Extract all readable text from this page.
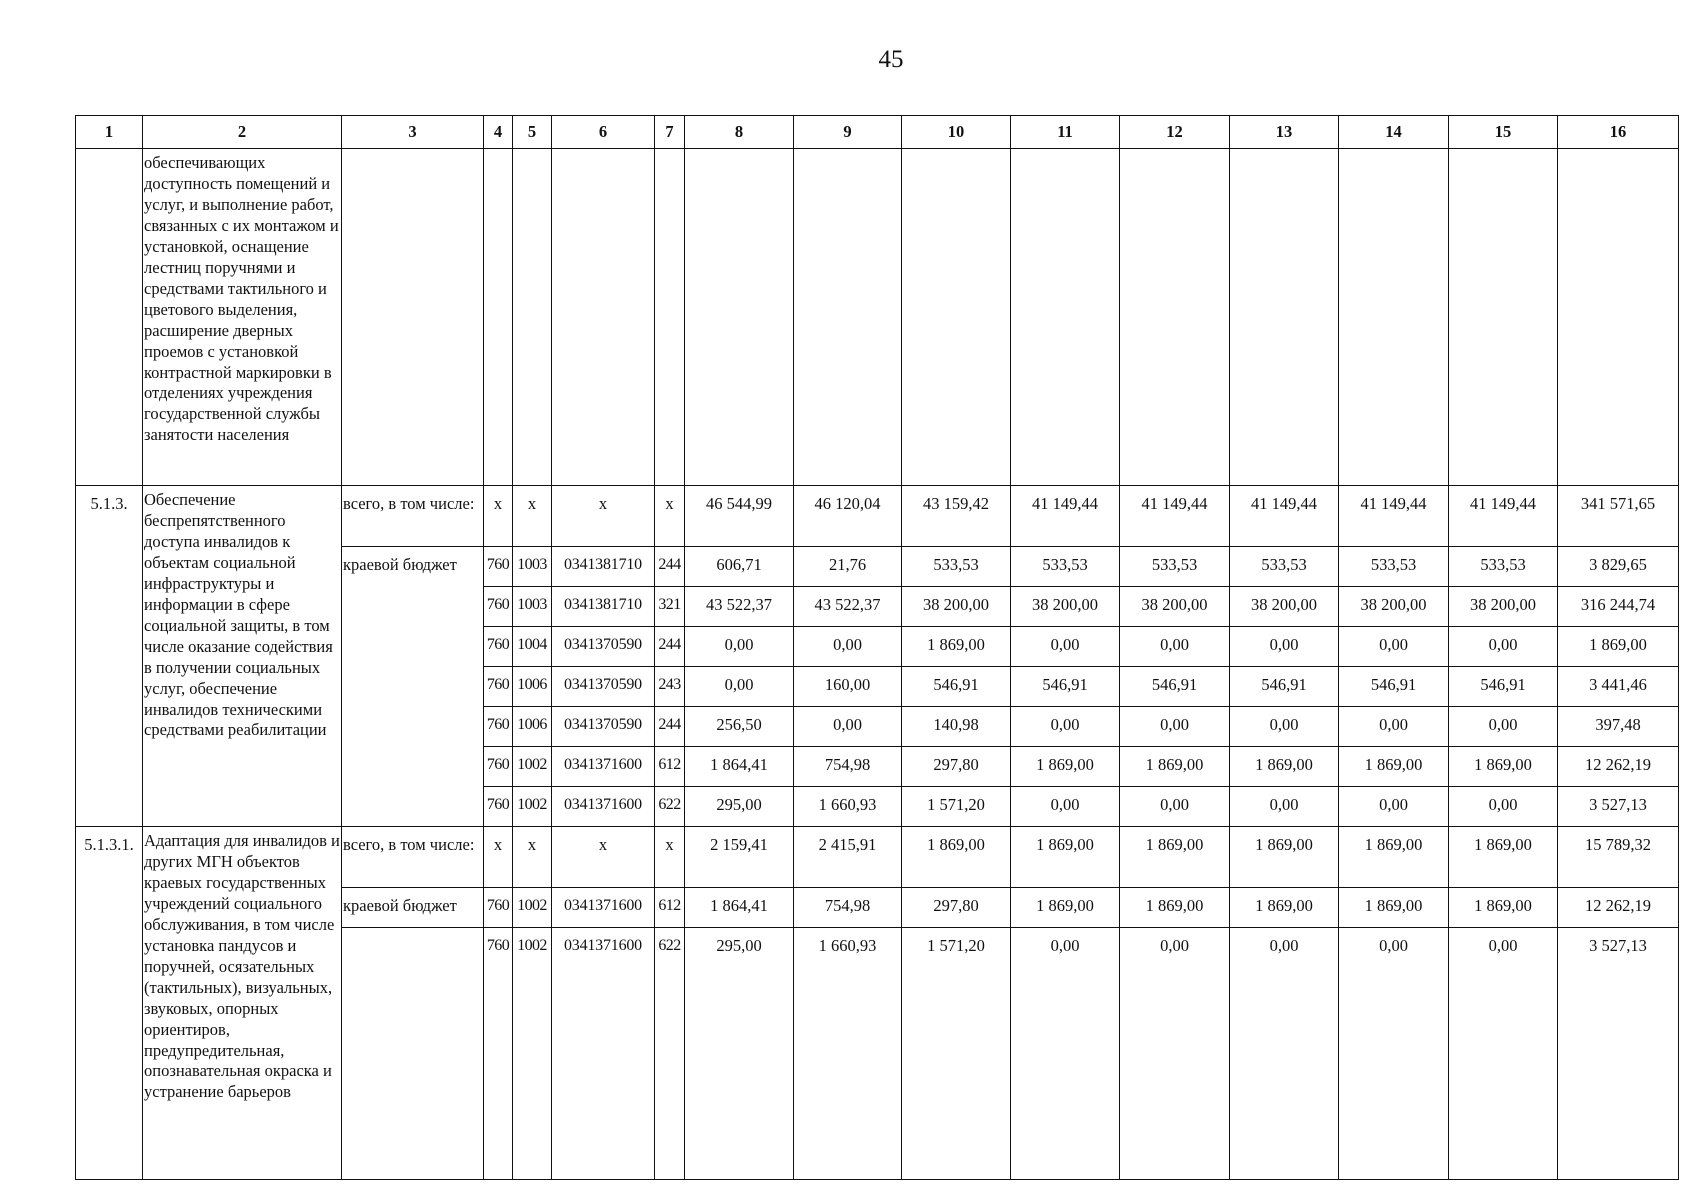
45
1	2	3	4	5	6	7	8	9	10	11	12	13	14	15	16
	обеспечивающих доступность помещений и услуг, и выполнение работ, связанных с их монтажом и установкой, оснащение лестниц поручнями и средствами тактильного и цветового выделения, расширение дверных проемов с установкой контрастной маркировки в отделениях учреждения государственной службы занятости населения														
5.1.3.	Обеспечение беспрепятственного доступа инвалидов к объектам социальной инфраструктуры и информации в сфере социальной защиты, в том числе оказание содействия в получении социальных услуг, обеспечение инвалидов техническими средствами реабилитации	всего, в том числе:	x	x	x	x	46 544,99	46 120,04	43 159,42	41 149,44	41 149,44	41 149,44	41 149,44	41 149,44	341 571,65
		краевой бюджет	760	1003	0341381710	244	606,71	21,76	533,53	533,53	533,53	533,53	533,53	533,53	3 829,65
			760	1003	0341381710	321	43 522,37	43 522,37	38 200,00	38 200,00	38 200,00	38 200,00	38 200,00	38 200,00	316 244,74
			760	1004	0341370590	244	0,00	0,00	1 869,00	0,00	0,00	0,00	0,00	0,00	1 869,00
			760	1006	0341370590	243	0,00	160,00	546,91	546,91	546,91	546,91	546,91	546,91	3 441,46
			760	1006	0341370590	244	256,50	0,00	140,98	0,00	0,00	0,00	0,00	0,00	397,48
			760	1002	0341371600	612	1 864,41	754,98	297,80	1 869,00	1 869,00	1 869,00	1 869,00	1 869,00	12 262,19
			760	1002	0341371600	622	295,00	1 660,93	1 571,20	0,00	0,00	0,00	0,00	0,00	3 527,13
5.1.3.1.	Адаптация для инвалидов и других МГН объектов краевых государственных учреждений социального обслуживания, в том числе установка пандусов и поручней, осязательных (тактильных), визуальных, звуковых, опорных ориентиров, предупредительная, опознавательная окраска и устранение барьеров	всего, в том числе:	x	x	x	x	2 159,41	2 415,91	1 869,00	1 869,00	1 869,00	1 869,00	1 869,00	1 869,00	15 789,32
		краевой бюджет	760	1002	0341371600	612	1 864,41	754,98	297,80	1 869,00	1 869,00	1 869,00	1 869,00	1 869,00	12 262,19
			760	1002	0341371600	622	295,00	1 660,93	1 571,20	0,00	0,00	0,00	0,00	0,00	3 527,13
